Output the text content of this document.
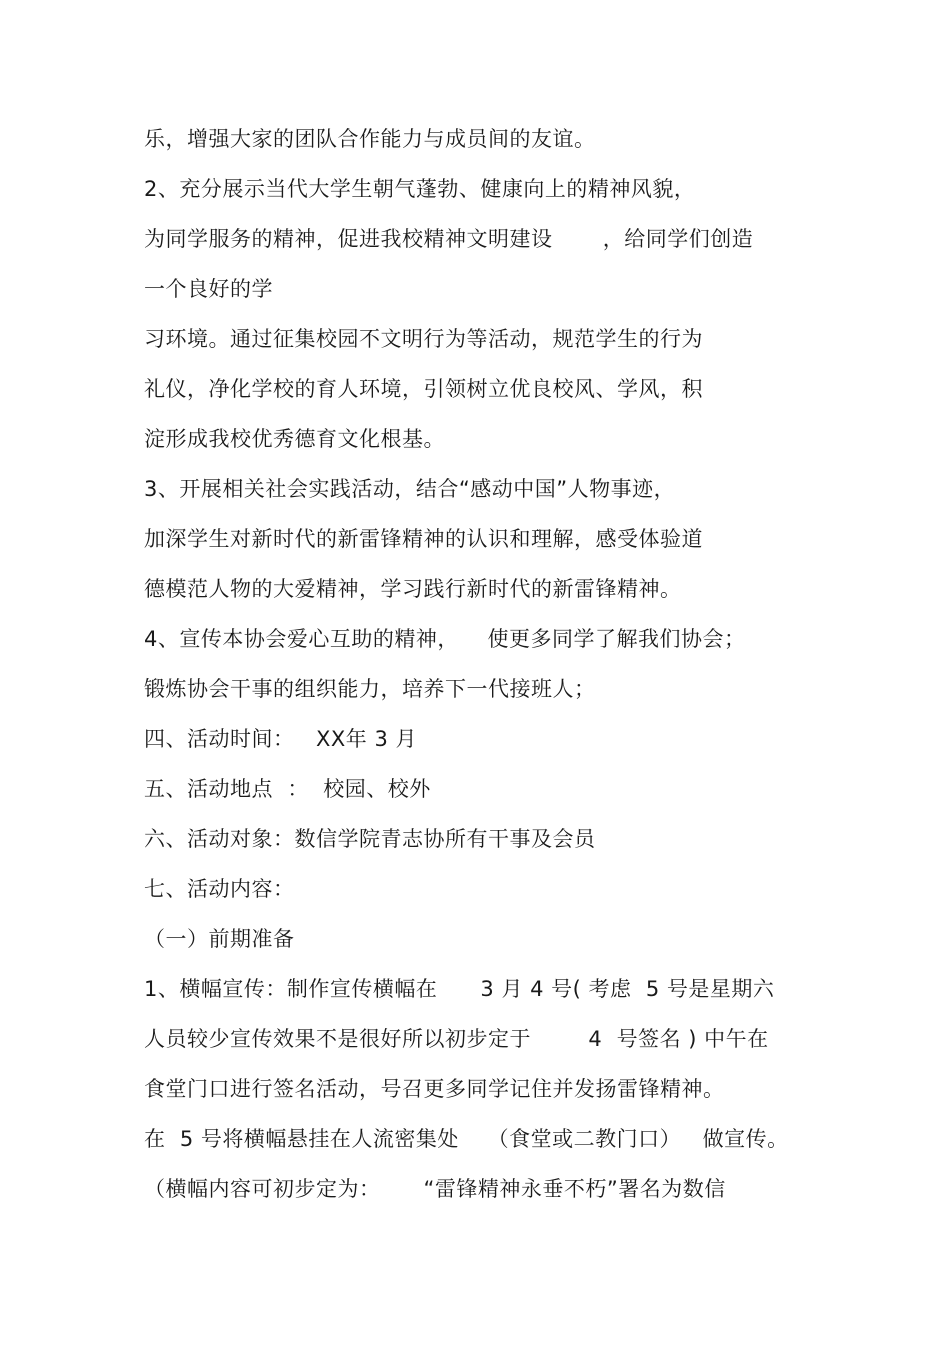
乐，增强大家的团队合作能力与成员间的友谊。
2、充分展示当代大学生朝气蓬勃、健康向上的精神风貌，
为同学服务的精神，促进我校精神文明建设       ，给同学们创造
一个良好的学
习环境。通过征集校园不文明行为等活动，规范学生的行为
礼仪，净化学校的育人环境，引领树立优良校风、学风，积
淀形成我校优秀德育文化根基。
3、开展相关社会实践活动，结合“感动中国”人物事迹，
加深学生对新时代的新雷锋精神的认识和理解，感受体验道
德模范人物的大爱精神，学习践行新时代的新雷锋精神。
4、宣传本协会爱心互助的精神，    使更多同学了解我们协会；
锻炼协会干事的组织能力，培养下一代接班人；
四、活动时间：   XX年 3 月
五、活动地点  ：  校园、校外
六、活动对象：数信学院青志协所有干事及会员
七、活动内容：
（一）前期准备
1、横幅宣传：制作宣传横幅在      3 月 4 号( 考虑  5 号是星期六
人员较少宣传效果不是很好所以初步定于        4  号签名 ) 中午在
食堂门口进行签名活动，号召更多同学记住并发扬雷锋精神。
在  5 号将横幅悬挂在人流密集处    （食堂或二教门口）   做宣传。
（横幅内容可初步定为：      “雷锋精神永垂不朽”署名为数信
